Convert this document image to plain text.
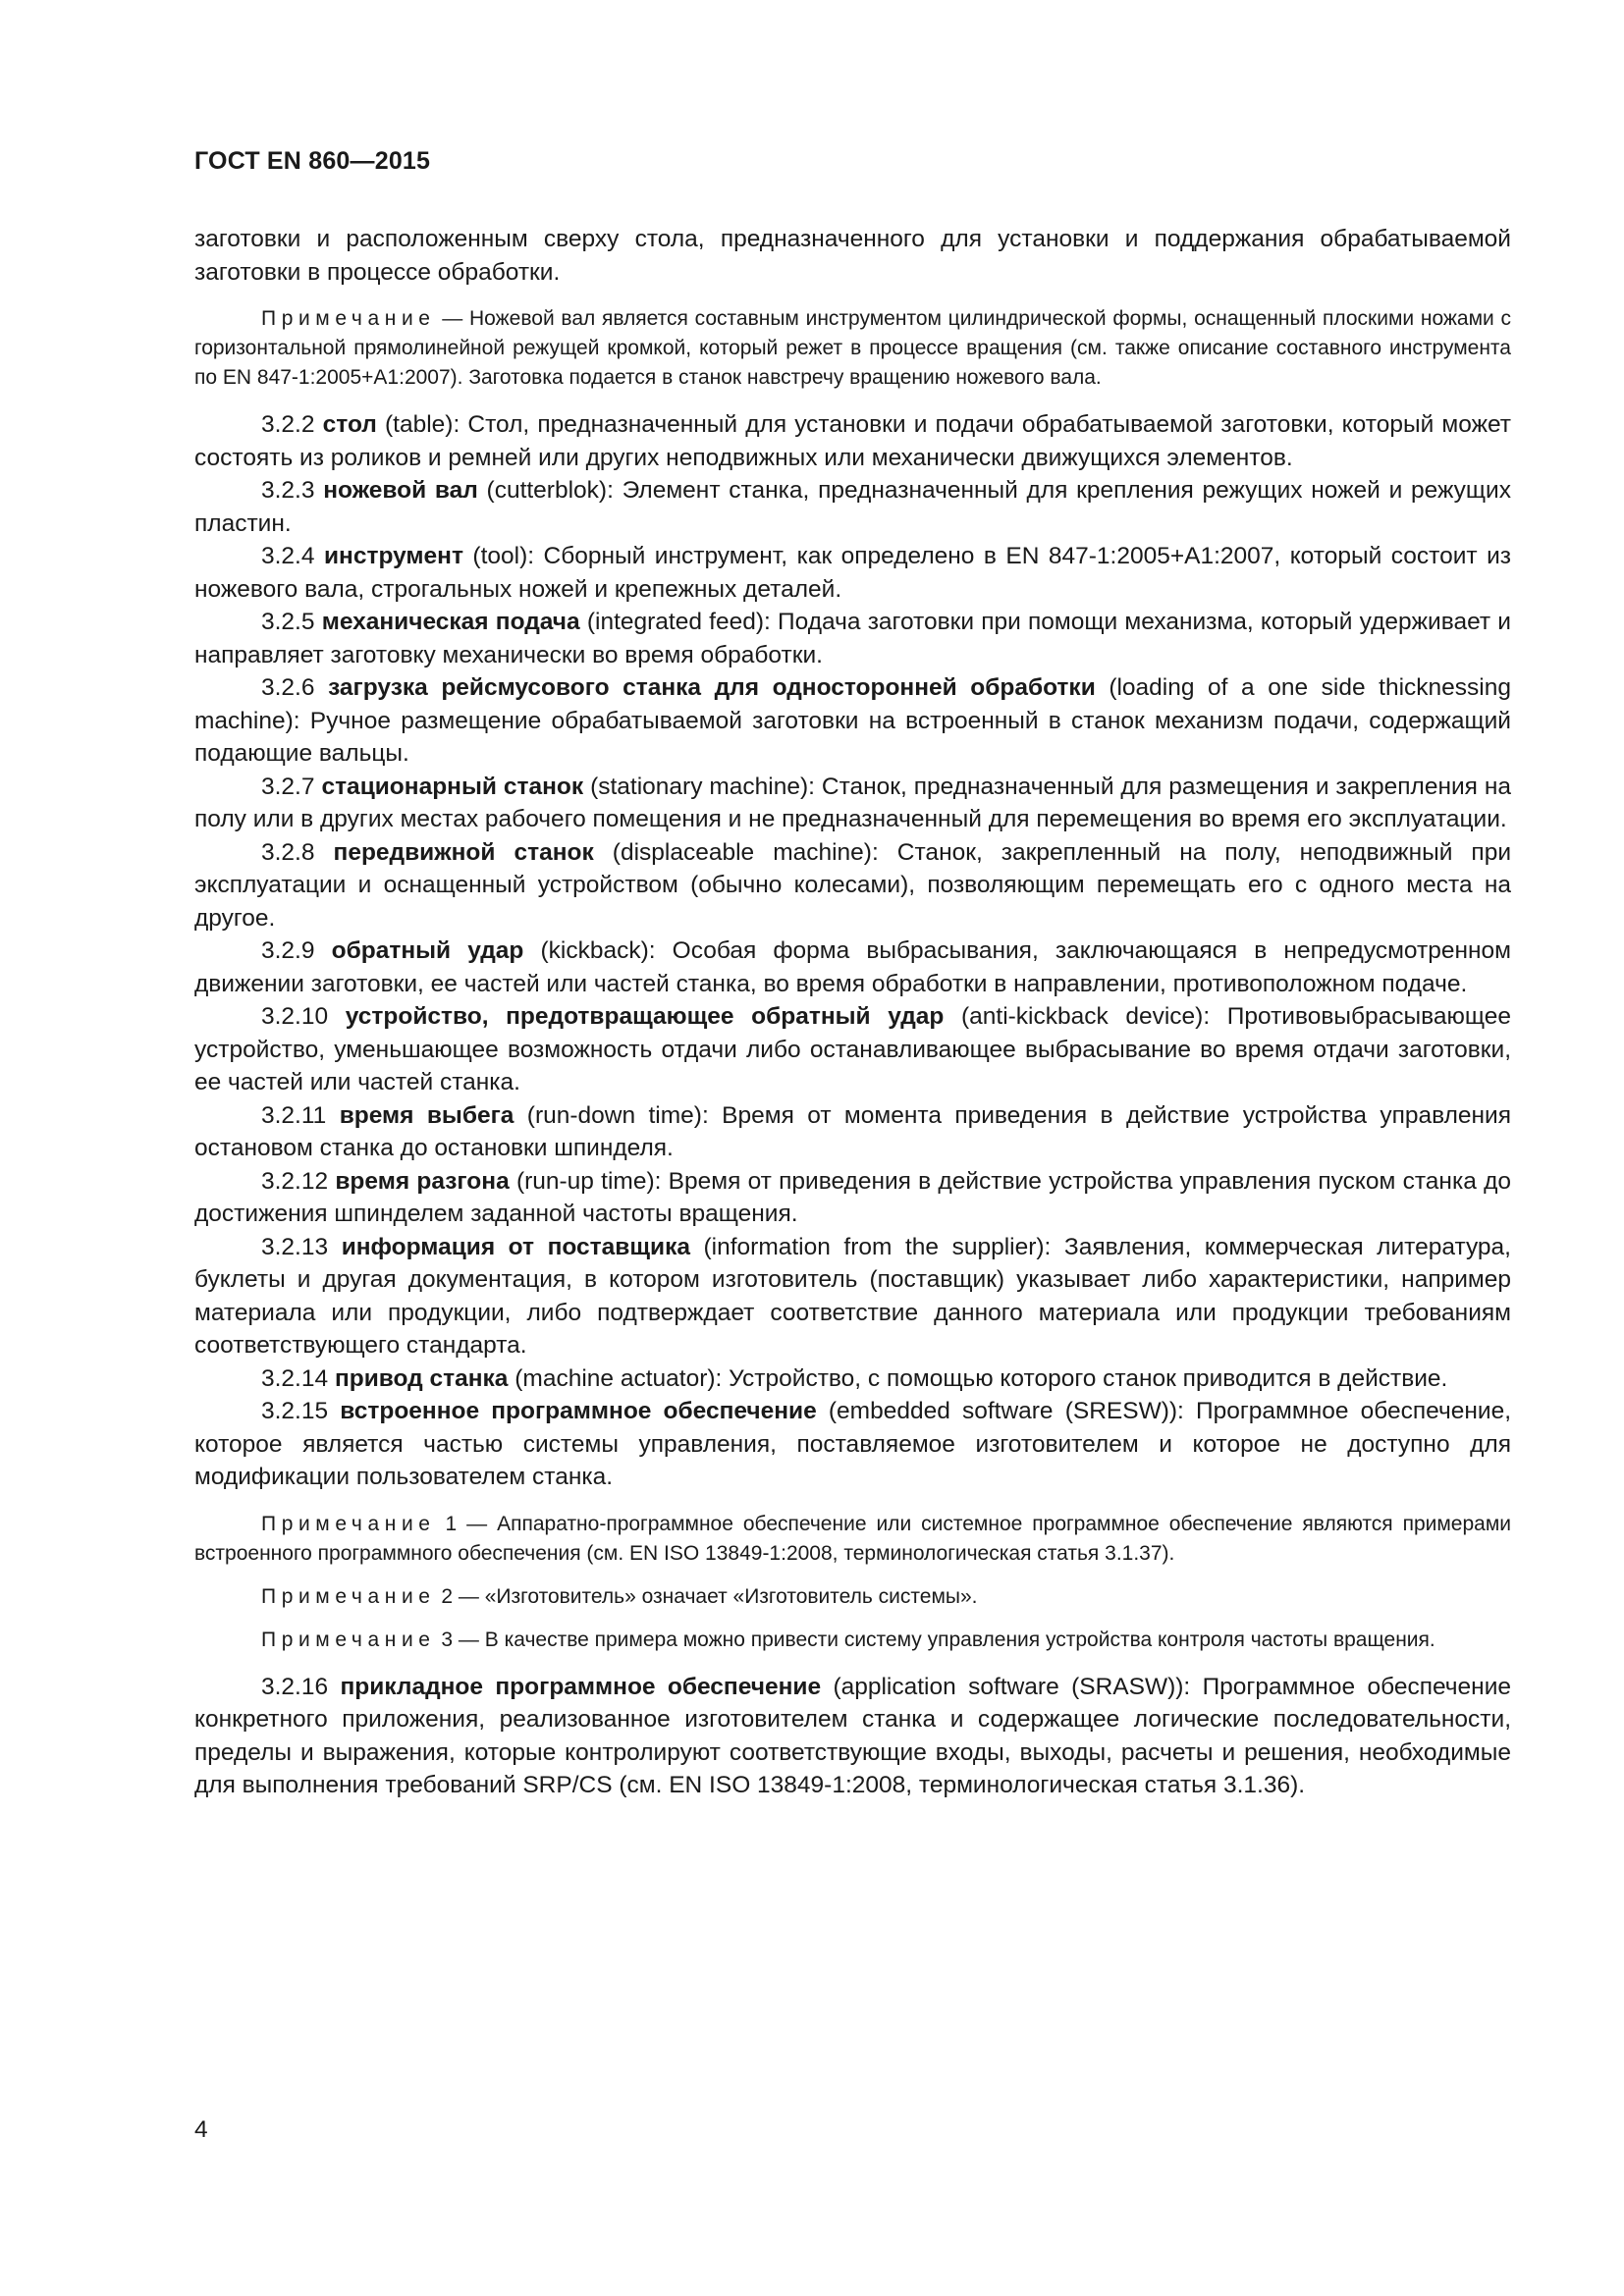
ГОСТ EN 860—2015

заготовки и расположенным сверху стола, предназначенного для установки и поддержания обрабатываемой заготовки в процессе обработки.

Примечание — Ножевой вал является составным инструментом цилиндрической формы, оснащенный плоскими ножами с горизонтальной прямолинейной режущей кромкой, который режет в процессе вращения (см. также описание составного инструмента по EN 847-1:2005+A1:2007). Заготовка подается в станок навстречу вращению ножевого вала.

3.2.2 стол (table): Стол, предназначенный для установки и подачи обрабатываемой заготовки, который может состоять из роликов и ремней или других неподвижных или механически движущихся элементов.

3.2.3 ножевой вал (cutterblok): Элемент станка, предназначенный для крепления режущих ножей и режущих пластин.

3.2.4 инструмент (tool): Сборный инструмент, как определено в EN 847-1:2005+A1:2007, который состоит из ножевого вала, строгальных ножей и крепежных деталей.

3.2.5 механическая подача (integrated feed): Подача заготовки при помощи механизма, который удерживает и направляет заготовку механически во время обработки.

3.2.6 загрузка рейсмусового станка для односторонней обработки (loading of a one side thicknessing machine): Ручное размещение обрабатываемой заготовки на встроенный в станок механизм подачи, содержащий подающие вальцы.

3.2.7 стационарный станок (stationary machine): Станок, предназначенный для размещения и закрепления на полу или в других местах рабочего помещения и не предназначенный для перемещения во время его эксплуатации.

3.2.8 передвижной станок (displaceable machine): Станок, закрепленный на полу, неподвижный при эксплуатации и оснащенный устройством (обычно колесами), позволяющим перемещать его с одного места на другое.

3.2.9 обратный удар (kickback): Особая форма выбрасывания, заключающаяся в непредусмотренном движении заготовки, ее частей или частей станка, во время обработки в направлении, противоположном подаче.

3.2.10 устройство, предотвращающее обратный удар (anti-kickback device): Противовыбрасывающее устройство, уменьшающее возможность отдачи либо останавливающее выбрасывание во время отдачи заготовки, ее частей или частей станка.

3.2.11 время выбега (run-down time): Время от момента приведения в действие устройства управления остановом станка до остановки шпинделя.

3.2.12 время разгона (run-up time): Время от приведения в действие устройства управления пуском станка до достижения шпинделем заданной частоты вращения.

3.2.13 информация от поставщика (information from the supplier): Заявления, коммерческая литература, буклеты и другая документация, в котором изготовитель (поставщик) указывает либо характеристики, например материала или продукции, либо подтверждает соответствие данного материала или продукции требованиям соответствующего стандарта.

3.2.14 привод станка (machine actuator): Устройство, с помощью которого станок приводится в действие.

3.2.15 встроенное программное обеспечение (embedded software (SRESW)): Программное обеспечение, которое является частью системы управления, поставляемое изготовителем и которое не доступно для модификации пользователем станка.

Примечание 1 — Аппаратно-программное обеспечение или системное программное обеспечение являются примерами встроенного программного обеспечения (см. EN ISO 13849-1:2008, терминологическая статья 3.1.37).

Примечание 2 — «Изготовитель» означает «Изготовитель системы».

Примечание 3 — В качестве примера можно привести систему управления устройства контроля частоты вращения.

3.2.16 прикладное программное обеспечение (application software (SRASW)): Программное обеспечение конкретного приложения, реализованное изготовителем станка и содержащее логические последовательности, пределы и выражения, которые контролируют соответствующие входы, выходы, расчеты и решения, необходимые для выполнения требований SRP/CS (см. EN ISO 13849-1:2008, терминологическая статья 3.1.36).

4
